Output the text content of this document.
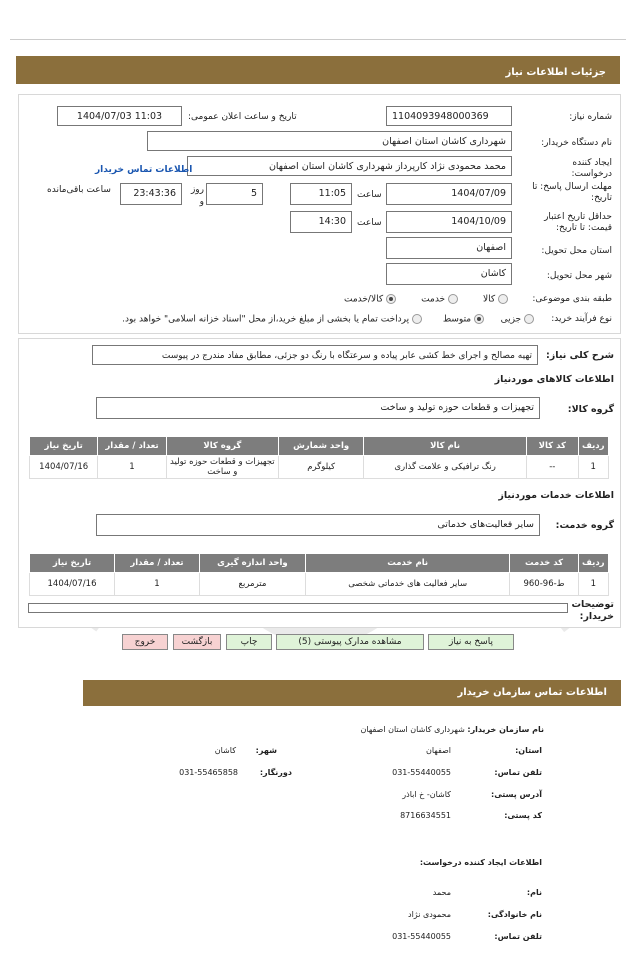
جزئیات اطلاعات نیاز
شماره نیاز:
1104093948000369
تاریخ و ساعت اعلان عمومی:
1404/07/03 11:03
نام دستگاه خریدار:
شهرداری کاشان استان اصفهان
ایجاد کننده درخواست:
محمد محمودی نژاد کارپرداز شهرداری کاشان استان اصفهان
اطلاعات تماس خریدار
مهلت ارسال پاسخ: تا تاریخ:
1404/07/09
ساعت
11:05
5
روز و
23:43:36
ساعت باقی‌مانده
حداقل تاریخ اعتبار قیمت: تا تاریخ:
1404/10/09
ساعت
14:30
استان محل تحویل:
اصفهان
شهر محل تحویل:
کاشان
طبقه بندی موضوعی:
کالا
خدمت
کالا/خدمت
نوع فرآیند خرید:
جزیی
متوسط
پرداخت تمام یا بخشی از مبلغ خرید،از محل "اسناد خزانه اسلامی" خواهد بود.
شرح کلی نیاز:
تهیه مصالح و اجرای خط کشی عابر پیاده و سرعتگاه با رنگ دو جزئی، مطابق مفاد مندرج در پیوست
اطلاعات کالاهای موردنیاز
گروه کالا:
تجهیزات و قطعات حوزه تولید و ساخت
ردیف	کد کالا	نام کالا	واحد شمارش	گروه کالا	تعداد / مقدار	تاریخ نیاز
1	--	رنگ ترافیکی و علامت گذاری	کیلوگرم	تجهیزات و قطعات حوزه تولید و ساخت	1	1404/07/16
اطلاعات خدمات موردنیاز
گروه خدمت:
سایر فعالیت‌های خدماتی
ردیف	کد خدمت	نام خدمت	واحد اندازه گیری	تعداد / مقدار	تاریخ نیاز
1	ط-96-960	سایر فعالیت های خدماتی شخصی	مترمربع	1	1404/07/16
توضیحات خریدار:
پاسخ به نیاز
مشاهده مدارک پیوستی (5)
چاپ
بازگشت
خروج
اطلاعات تماس سازمان خریدار
نام سازمان خریدار: شهرداری کاشان استان اصفهان
استان:
اصفهان
شهر:
کاشان
تلفن تماس:
031-55440055
دورنگار:
031-55465858
آدرس پستی:
کاشان- خ اباذر
کد پستی:
8716634551
اطلاعات ایجاد کننده درخواست:
نام:
محمد
نام خانوادگی:
محمودی نژاد
تلفن تماس:
031-55440055
